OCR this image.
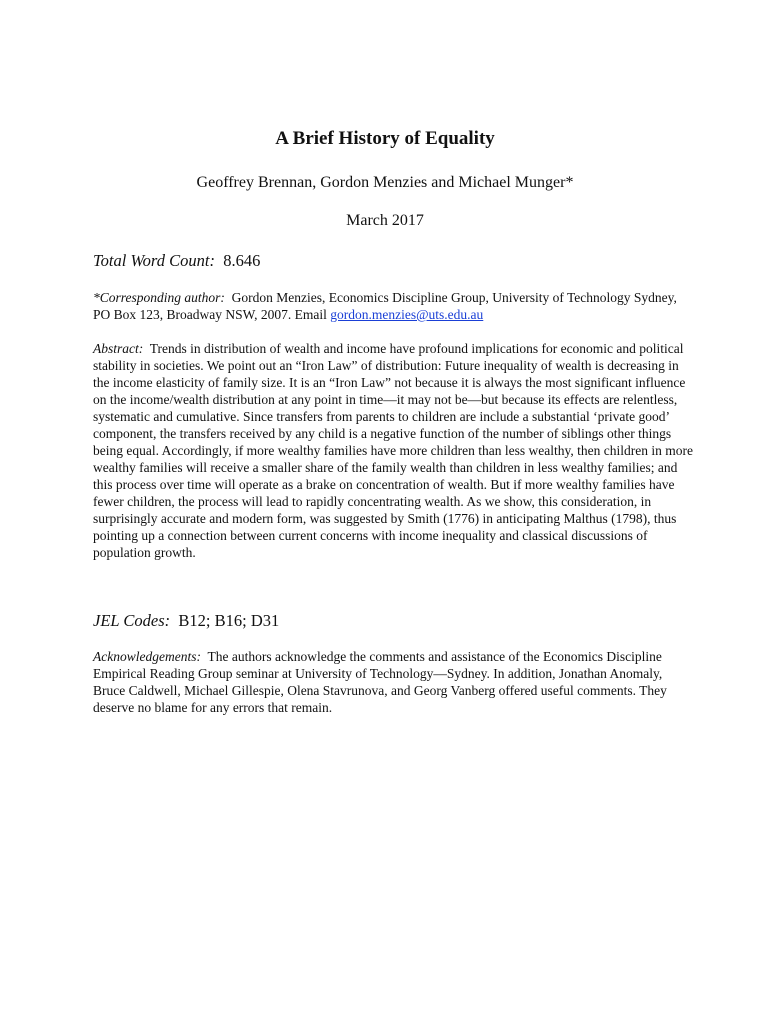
A Brief History of Equality
Geoffrey Brennan, Gordon Menzies and Michael Munger*
March 2017
Total Word Count: 8.646
*Corresponding author: Gordon Menzies, Economics Discipline Group, University of Technology Sydney, PO Box 123, Broadway NSW, 2007. Email gordon.menzies@uts.edu.au
Abstract: Trends in distribution of wealth and income have profound implications for economic and political stability in societies. We point out an “Iron Law” of distribution: Future inequality of wealth is decreasing in the income elasticity of family size. It is an “Iron Law” not because it is always the most significant influence on the income/wealth distribution at any point in time—it may not be—but because its effects are relentless, systematic and cumulative. Since transfers from parents to children are include a substantial ‘private good’ component, the transfers received by any child is a negative function of the number of siblings other things being equal. Accordingly, if more wealthy families have more children than less wealthy, then children in more wealthy families will receive a smaller share of the family wealth than children in less wealthy families; and this process over time will operate as a brake on concentration of wealth. But if more wealthy families have fewer children, the process will lead to rapidly concentrating wealth. As we show, this consideration, in surprisingly accurate and modern form, was suggested by Smith (1776) in anticipating Malthus (1798), thus pointing up a connection between current concerns with income inequality and classical discussions of population growth.
JEL Codes: B12; B16; D31
Acknowledgements: The authors acknowledge the comments and assistance of the Economics Discipline Empirical Reading Group seminar at University of Technology—Sydney. In addition, Jonathan Anomaly, Bruce Caldwell, Michael Gillespie, Olena Stavrunova, and Georg Vanberg offered useful comments. They deserve no blame for any errors that remain.
